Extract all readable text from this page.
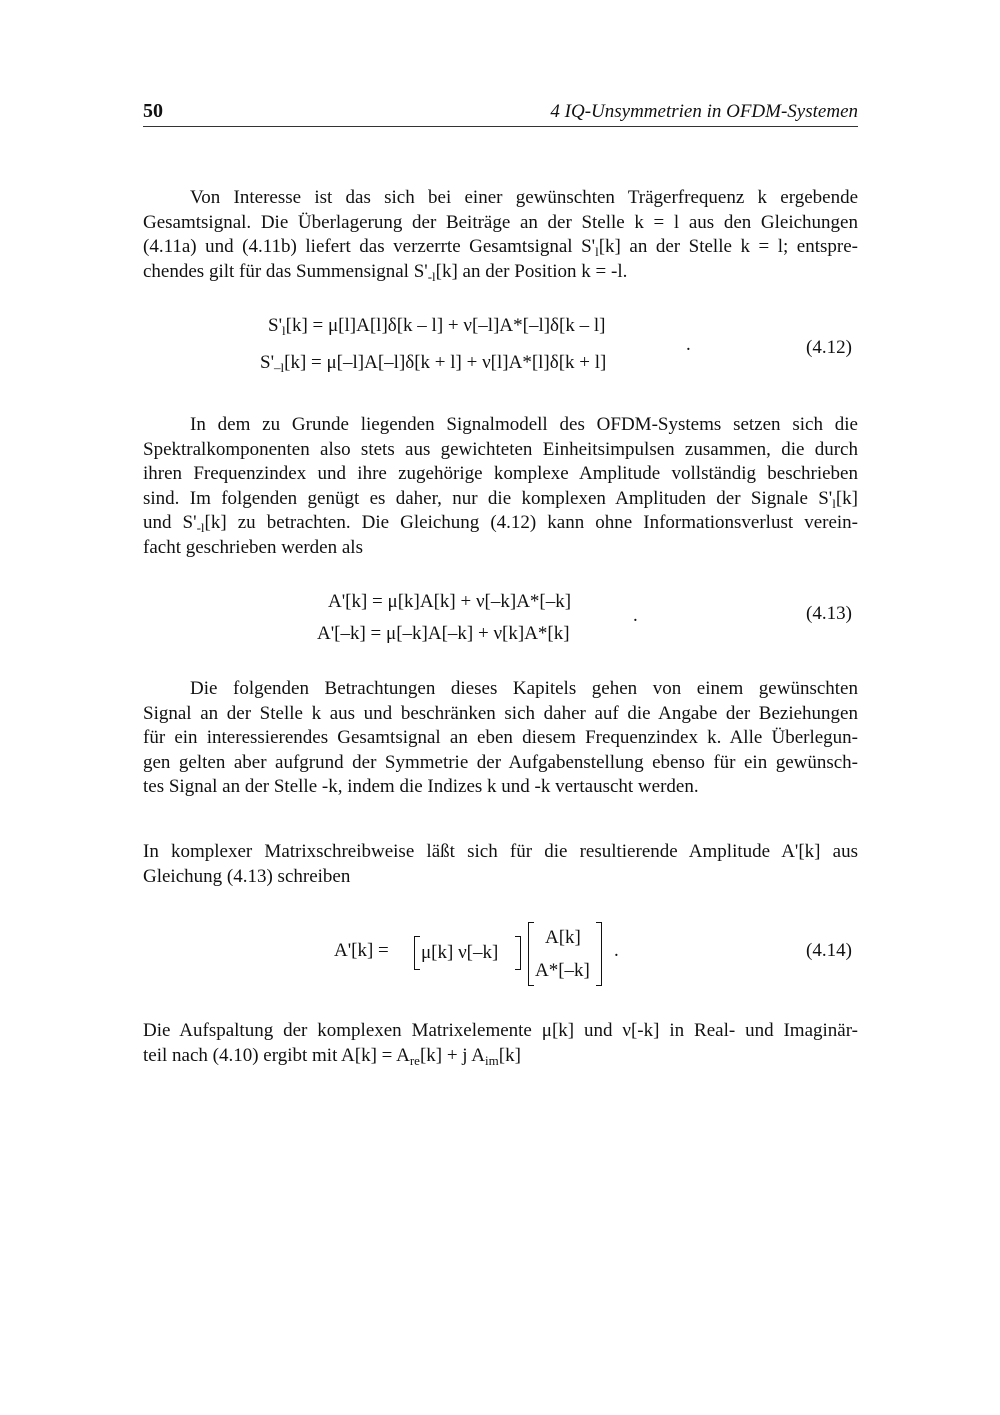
50	4 IQ-Unsymmetrien in OFDM-Systemen
Von Interesse ist das sich bei einer gewünschten Trägerfrequenz k ergebende
Gesamtsignal. Die Überlagerung der Beiträge an der Stelle k = l aus den Gleichungen
(4.11a) und (4.11b) liefert das verzerrte Gesamtsignal $S'_l[k]$ an der Stelle k = l; entspre-
chendes gilt für das Summensignal $S'_{-l}[k]$ an der Position k = -l.
$S'_l[k] = \mu[l]A[l]\delta[k - l] + \nu[-l]A*[-l]\delta[k - l]$
$S'_{-l}[k] = \mu[-l]A[-l]\delta[k + l] + \nu[l]A*[l]\delta[k + l]$
.	(4.12)
In dem zu Grunde liegenden Signalmodell des OFDM-Systems setzen sich die
Spektralkomponenten also stets aus gewichteten Einheitsimpulsen zusammen, die durch
ihren Frequenzindex und ihre zugehörige komplexe Amplitude vollständig beschrieben
sind. Im folgenden genügt es daher, nur die komplexen Amplituden der Signale $S'_l[k]$
und $S'_{-l}[k]$ zu betrachten. Die Gleichung (4.12) kann ohne Informationsverlust verein-
facht geschrieben werden als
A'[k] = μ[k]A[k] + ν[–k]A*[–k]
A'[–k] = μ[–k]A[–k] + ν[k]A*[k]
.	(4.13)
Die folgenden Betrachtungen dieses Kapitels gehen von einem gewünschten
Signal an der Stelle k aus und beschränken sich daher auf die Angabe der Beziehungen
für ein interessierendes Gesamtsignal an eben diesem Frequenzindex k. Alle Überlegun-
gen gelten aber aufgrund der Symmetrie der Aufgabenstellung ebenso für ein gewünsch-
tes Signal an der Stelle -k, indem die Indizes k und -k vertauscht werden.
In komplexer Matrixschreibweise läßt sich für die resultierende Amplitude A'[k] aus
Gleichung (4.13) schreiben
A'[k] = μ[k] ν[–k]
A[k]
A*[–k]
.	(4.14)
Die Aufspaltung der komplexen Matrixelemente μ[k] und ν[-k] in Real- und Imaginär-
teil nach (4.10) ergibt mit $A[k] = A_{re}[k] + j$ $A_{im}[k]$
